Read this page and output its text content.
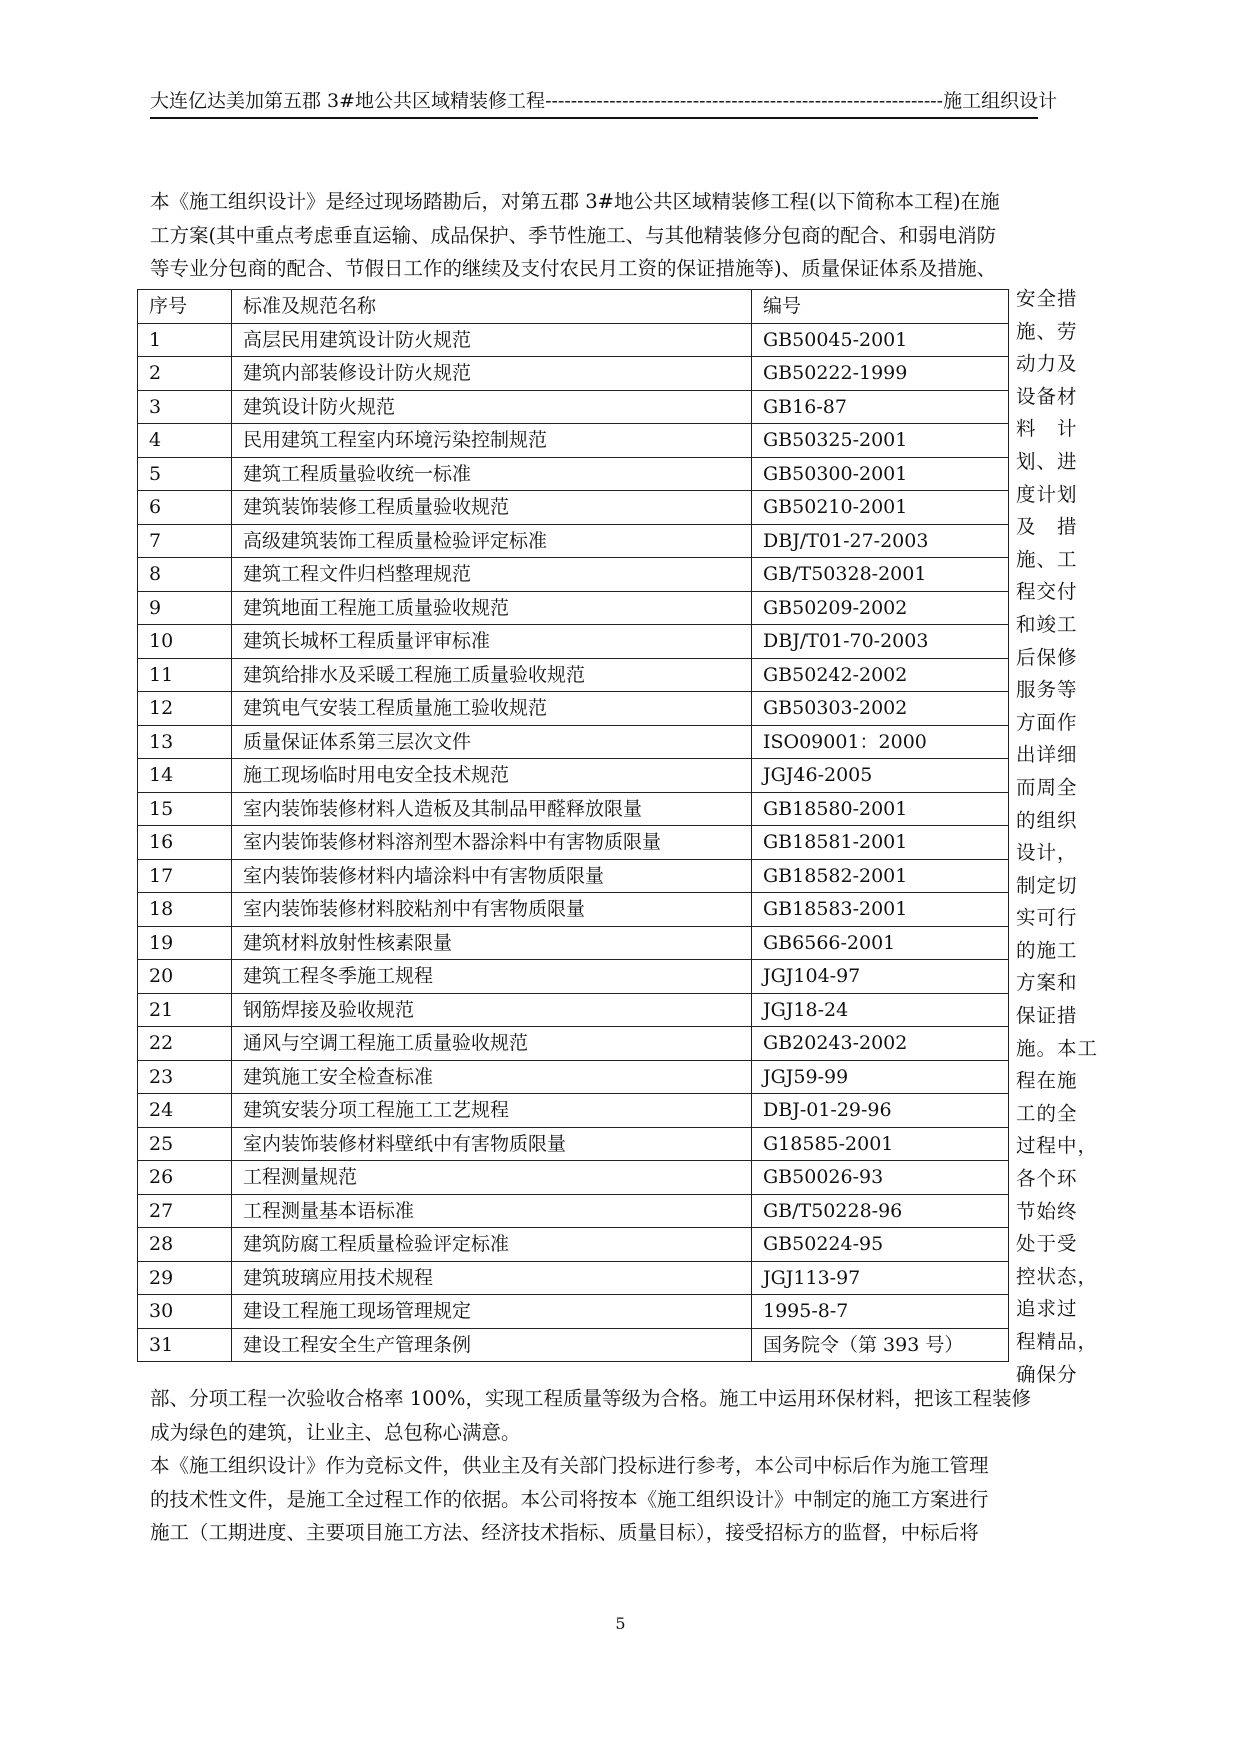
大连亿达美加第五郡 3#地公共区域精装修工程--------------------------------------------------------------施工组织设计
本《施工组织设计》是经过现场踏勘后，对第五郡 3#地公共区域精装修工程(以下简称本工程)在施
工方案(其中重点考虑垂直运输、成品保护、季节性施工、与其他精装修分包商的配合、和弱电消防
等专业分包商的配合、节假日工作的继续及支付农民月工资的保证措施等)、质量保证体系及措施、
序号	标准及规范名称	编号
1	高层民用建筑设计防火规范	GB50045-2001
2	建筑内部装修设计防火规范	GB50222-1999
3	建筑设计防火规范	GB16-87
4	民用建筑工程室内环境污染控制规范	GB50325-2001
5	建筑工程质量验收统一标准	GB50300-2001
6	建筑装饰装修工程质量验收规范	GB50210-2001
7	高级建筑装饰工程质量检验评定标准	DBJ/T01-27-2003
8	建筑工程文件归档整理规范	GB/T50328-2001
9	建筑地面工程施工质量验收规范	GB50209-2002
10	建筑长城杯工程质量评审标准	DBJ/T01-70-2003
11	建筑给排水及采暖工程施工质量验收规范	GB50242-2002
12	建筑电气安装工程质量施工验收规范	GB50303-2002
13	质量保证体系第三层次文件	ISO09001：2000
14	施工现场临时用电安全技术规范	JGJ46-2005
15	室内装饰装修材料人造板及其制品甲醛释放限量	GB18580-2001
16	室内装饰装修材料溶剂型木器涂料中有害物质限量	GB18581-2001
17	室内装饰装修材料内墙涂料中有害物质限量	GB18582-2001
18	室内装饰装修材料胶粘剂中有害物质限量	GB18583-2001
19	建筑材料放射性核素限量	GB6566-2001
20	建筑工程冬季施工规程	JGJ104-97
21	钢筋焊接及验收规范	JGJ18-24
22	通风与空调工程施工质量验收规范	GB20243-2002
23	建筑施工安全检查标准	JGJ59-99
24	建筑安装分项工程施工工艺规程	DBJ-01-29-96
25	室内装饰装修材料壁纸中有害物质限量	G18585-2001
26	工程测量规范	GB50026-93
27	工程测量基本语标准	GB/T50228-96
28	建筑防腐工程质量检验评定标准	GB50224-95
29	建筑玻璃应用技术规程	JGJ113-97
30	建设工程施工现场管理规定	1995-8-7
31	建设工程安全生产管理条例	国务院令（第 393 号）
安全措
施、劳
动力及
设备材
料　计
划、进
度计划
及　措
施、工
程交付
和竣工
后保修
服务等
方面作
出详细
而周全
的组织
设计，
制定切
实可行
的施工
方案和
保证措
施。本工
程在施
工的全
过程中，
各个环
节始终
处于受
控状态，
追求过
程精品，
确保分
部、分项工程一次验收合格率 100%，实现工程质量等级为合格。施工中运用环保材料，把该工程装修
成为绿色的建筑，让业主、总包称心满意。
本《施工组织设计》作为竞标文件，供业主及有关部门投标进行参考，本公司中标后作为施工管理
的技术性文件，是施工全过程工作的依据。本公司将按本《施工组织设计》中制定的施工方案进行
施工（工期进度、主要项目施工方法、经济技术指标、质量目标），接受招标方的监督，中标后将
5
